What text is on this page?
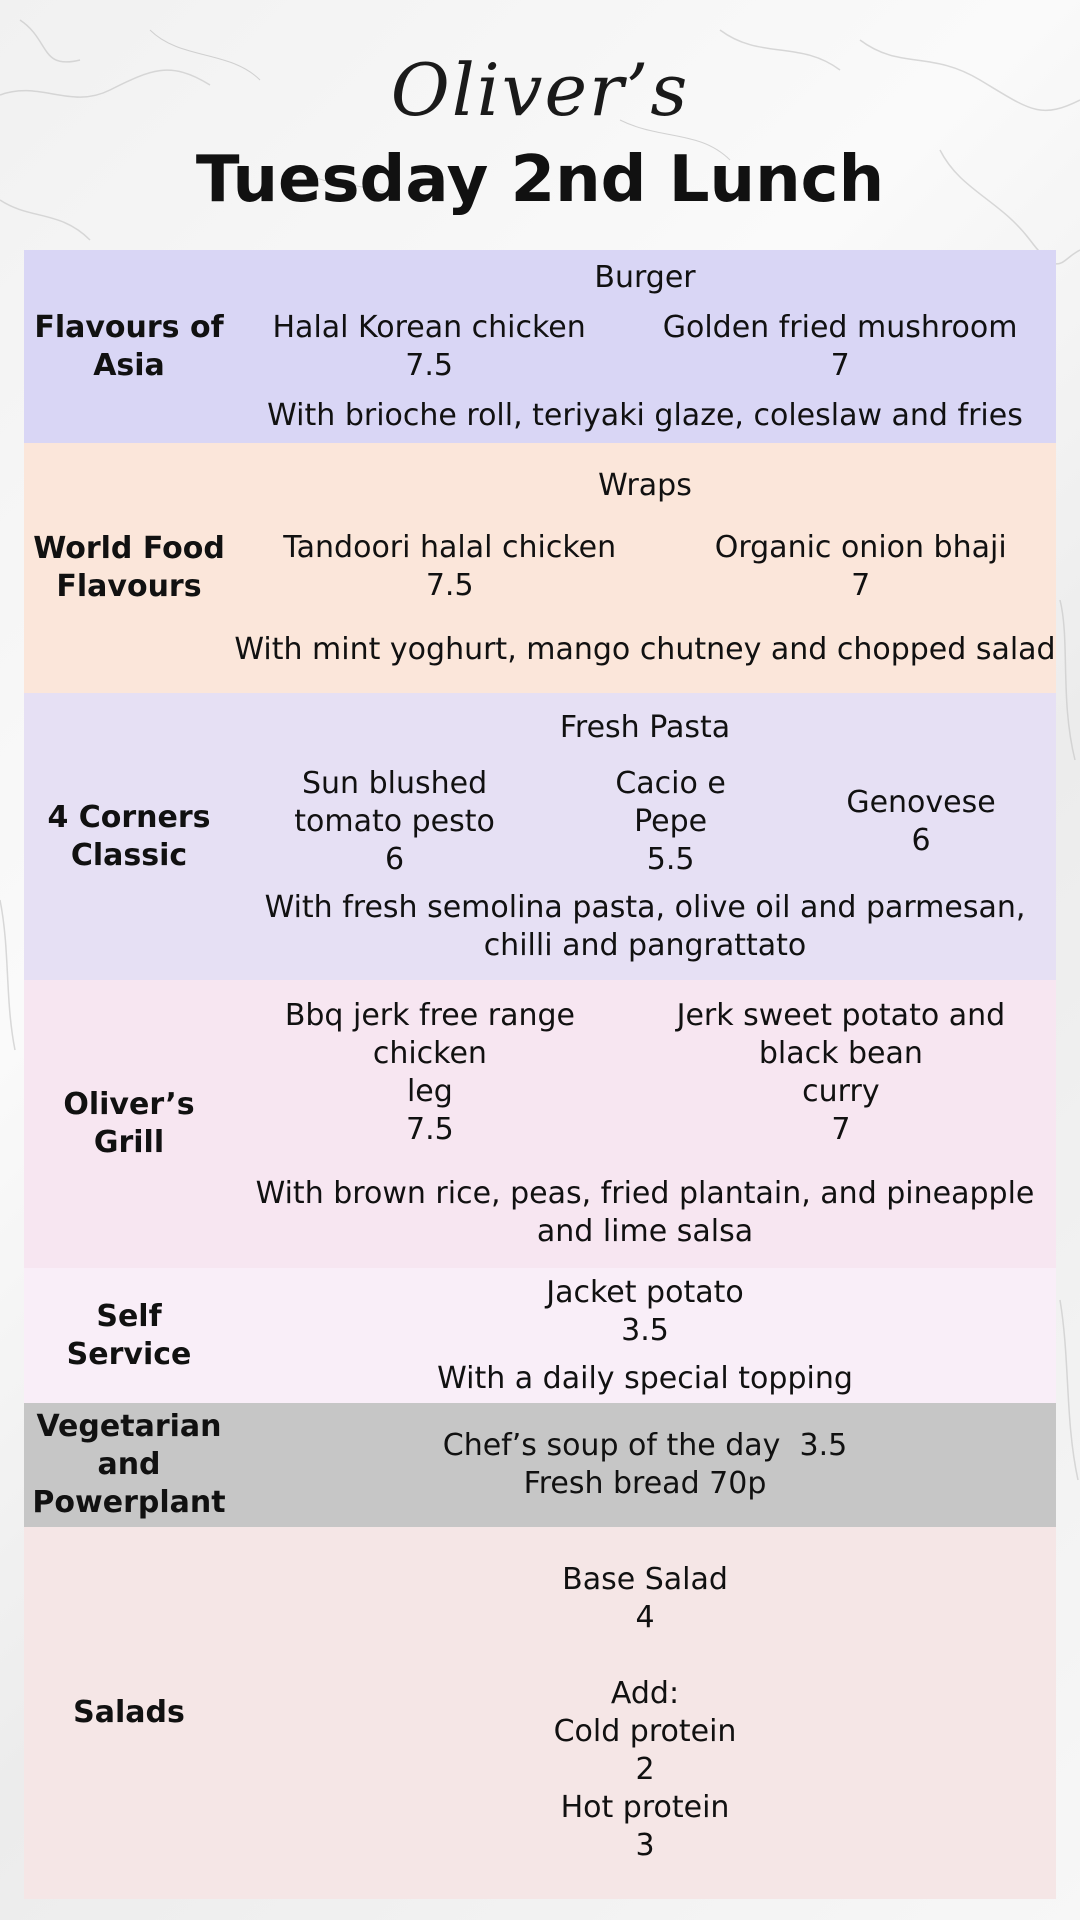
Oliver’s
Tuesday 2nd Lunch
Flavours of Asia
Burger
Halal Korean chicken
7.5
Golden fried mushroom
7
With brioche roll, teriyaki glaze, coleslaw and fries
World Food Flavours
Wraps
Tandoori halal chicken
7.5
Organic onion bhaji
7
With mint yoghurt, mango chutney and chopped salad
4 Corners Classic
Fresh Pasta
Sun blushed
tomato pesto
6
Cacio e
Pepe
5.5
Genovese
6
With fresh semolina pasta, olive oil and parmesan,
chilli and pangrattato
Oliver’s Grill
Bbq jerk free range
chicken
leg
7.5
Jerk sweet potato and
black bean
curry
7
With brown rice, peas, fried plantain, and pineapple
and lime salsa
Self Service
Jacket potato
3.5
With a daily special topping
Vegetarian and Powerplant
Chef’s soup of the day  3.5
Fresh bread 70p
Salads
Base Salad
4
Add:
Cold protein
2
Hot protein
3
